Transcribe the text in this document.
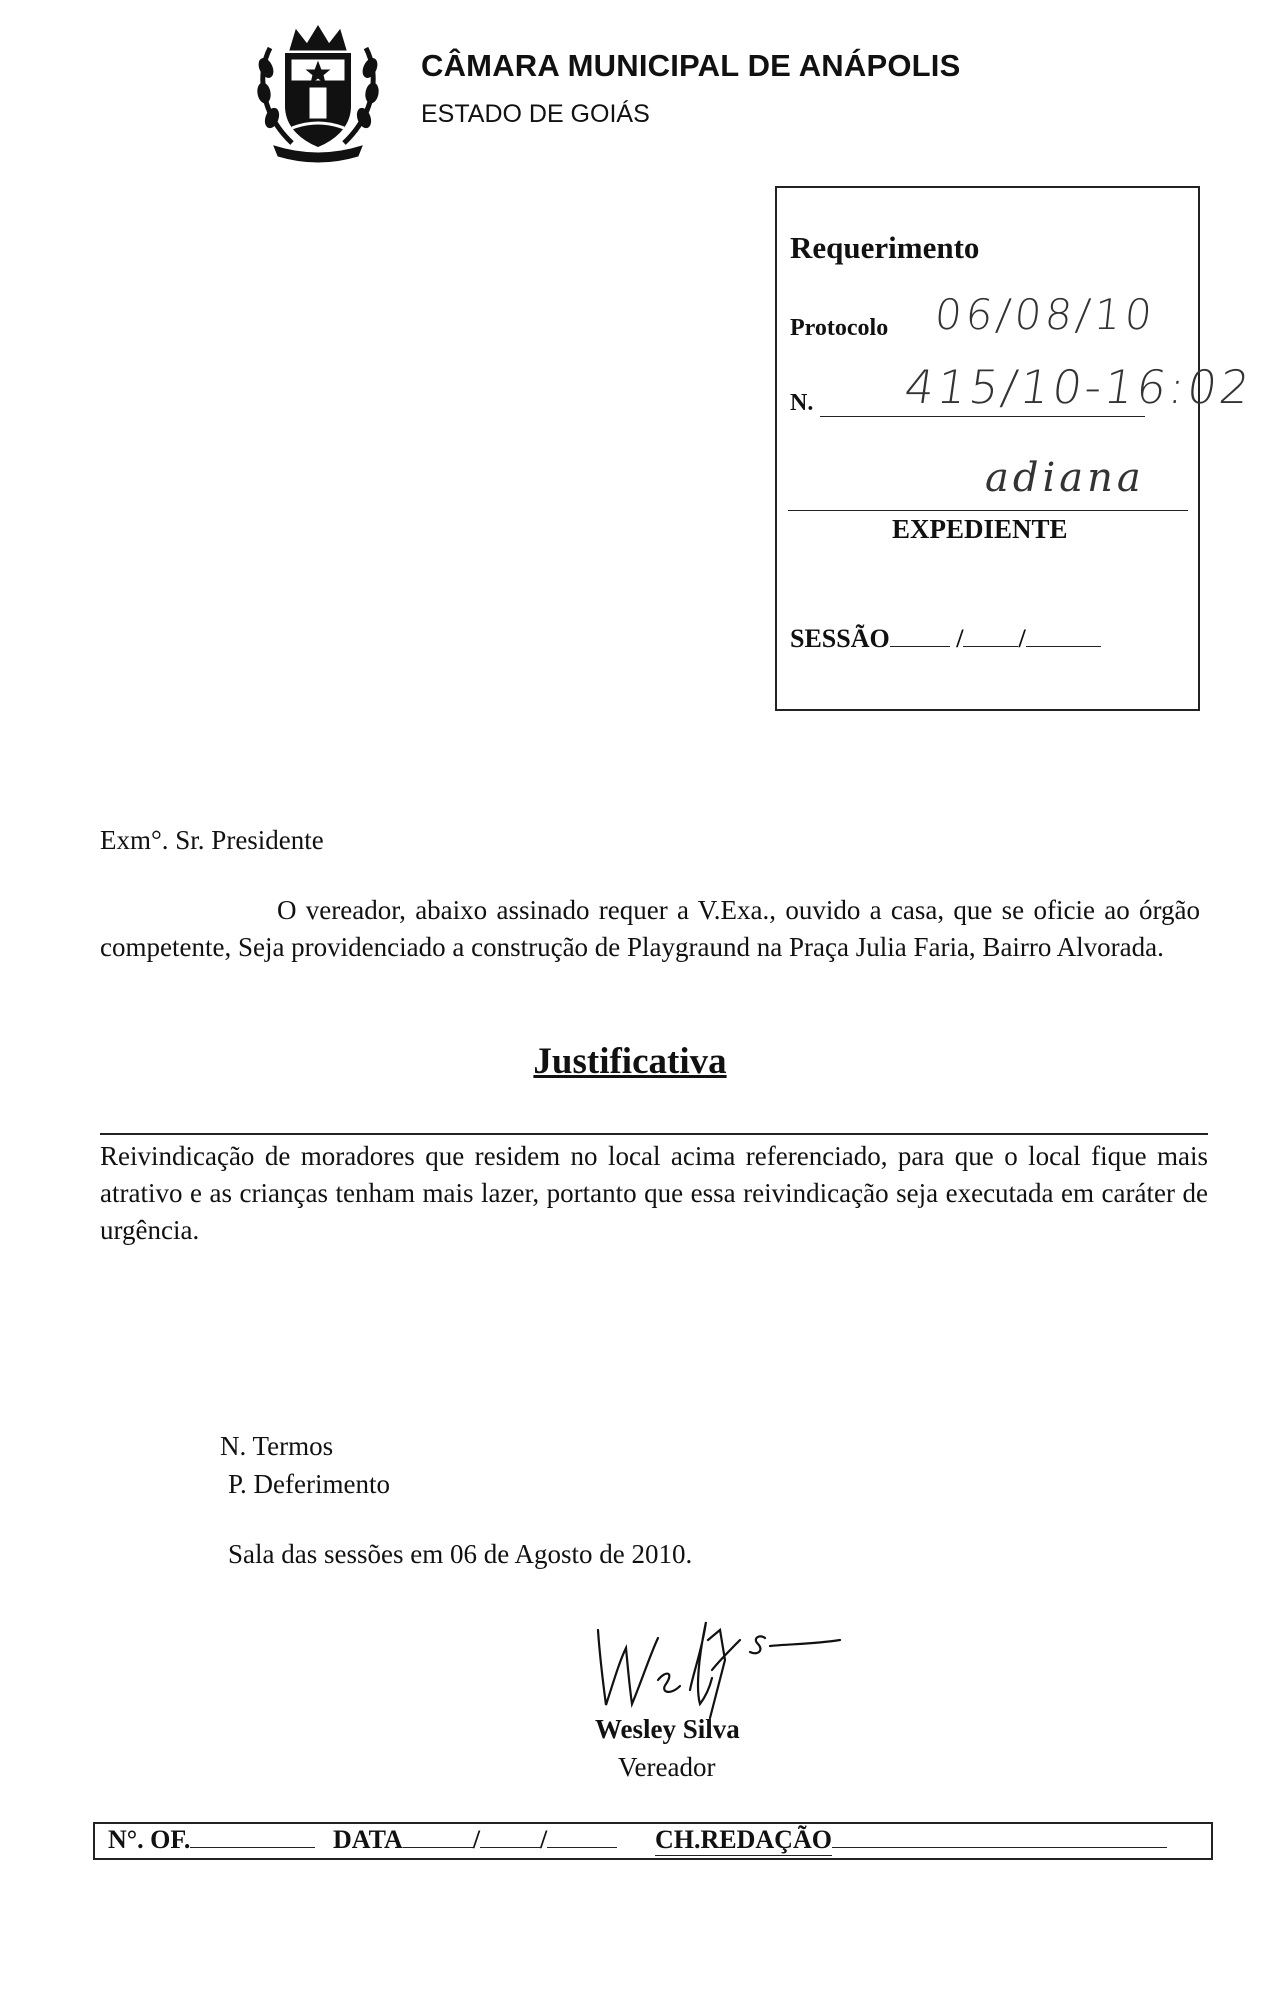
CÂMARA MUNICIPAL DE ANÁPOLIS
ESTADO DE GOIÁS
Requerimento
Protocolo 06/08/10
N. 415/10-16:02
adiana
EXPEDIENTE
SESSÃO	/ /
Exm°. Sr. Presidente
O vereador, abaixo assinado requer a V.Exa., ouvido a casa, que se oficie ao órgão competente, Seja providenciado a construção de Playgraund na Praça Julia Faria, Bairro Alvorada.
Justificativa
Reivindicação de moradores que residem no local acima referenciado, para que o local fique mais atrativo e as crianças tenham mais lazer, portanto que essa reivindicação seja executada em caráter de urgência.
N. Termos
P. Deferimento
Sala das sessões em 06 de Agosto de 2010.
Wesley Silva
Vereador
N°. OF.	DATA	/ /	CH.REDAÇÃO
